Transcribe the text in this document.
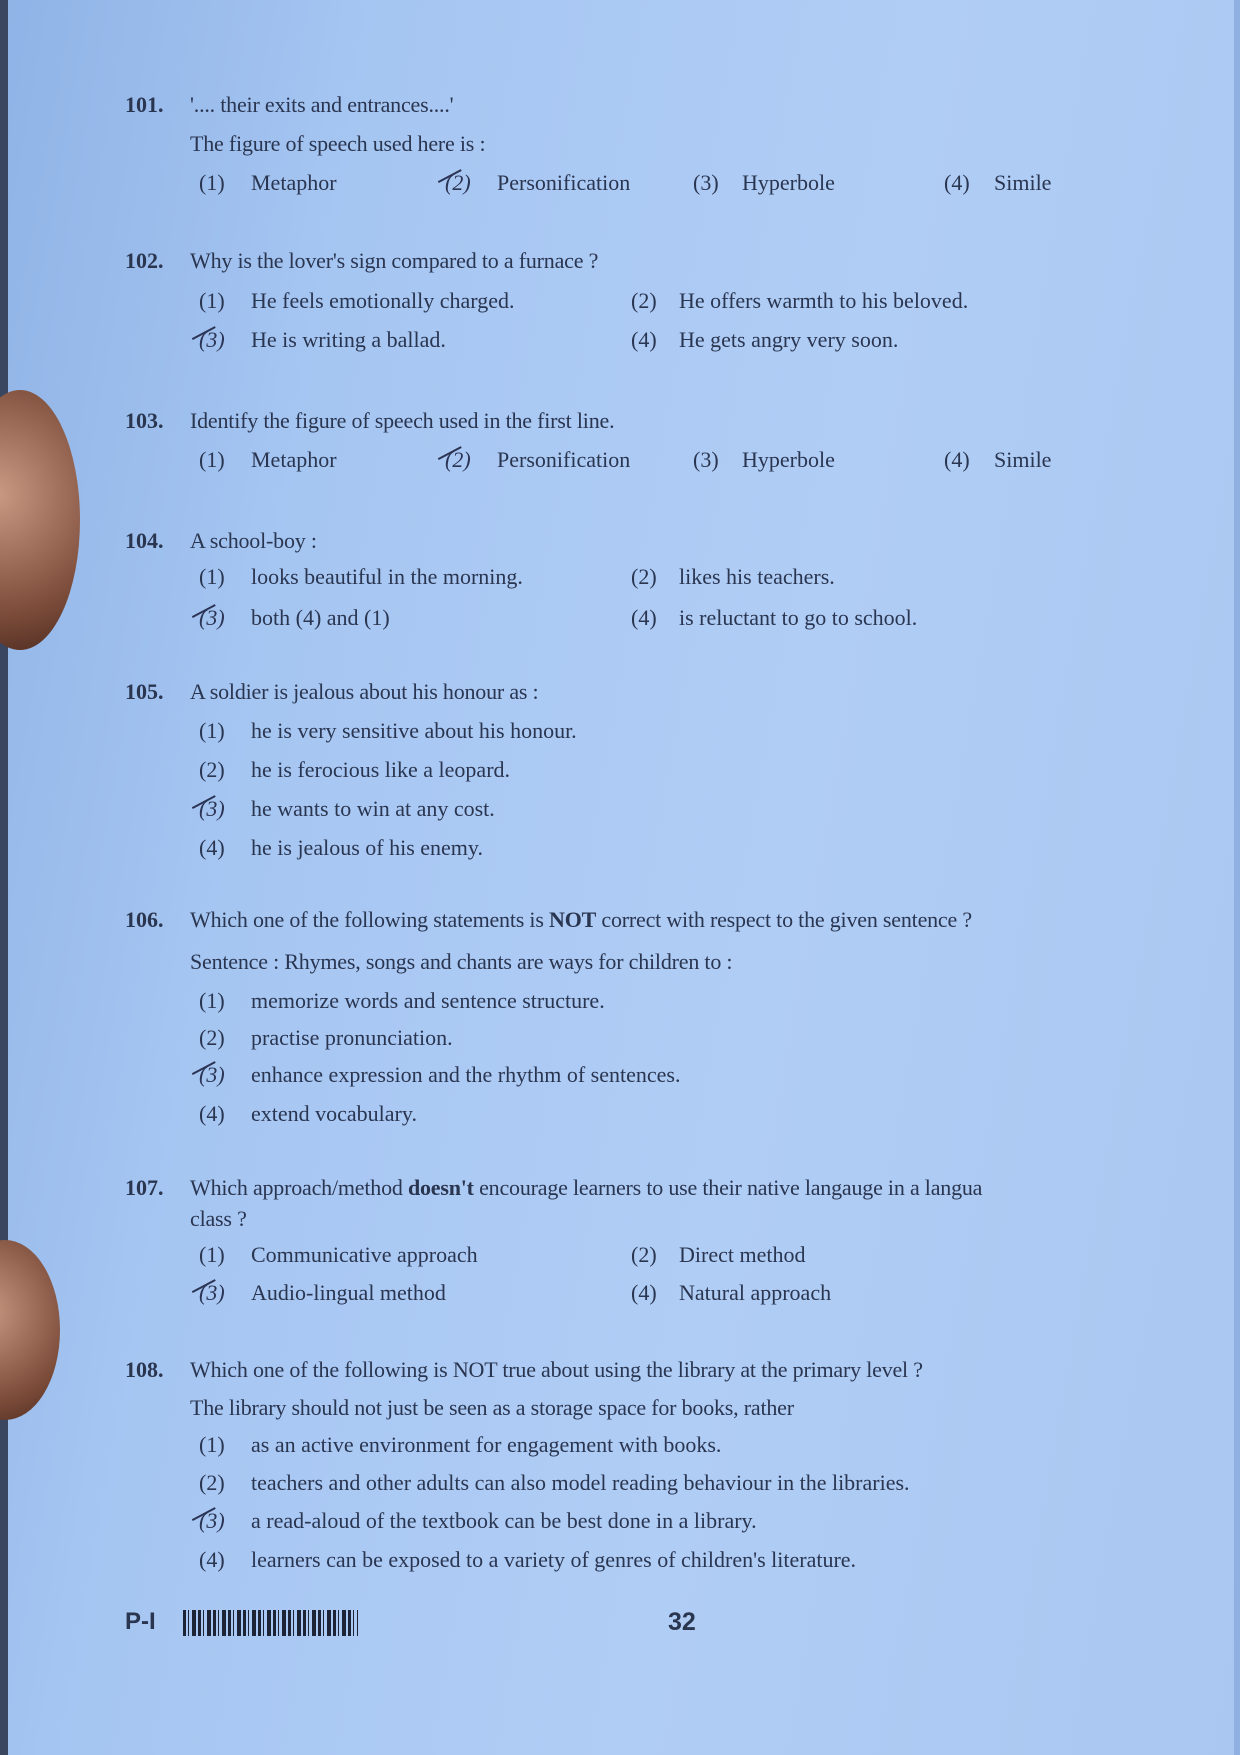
101. '.... their exits and entrances....'
The figure of speech used here is :
(1) Metaphor	(2) Personification	(3) Hyperbole	(4) Simile
102. Why is the lover's sign compared to a furnace ?
(1) He feels emotionally charged.	(2) He offers warmth to his beloved.
(3) He is writing a ballad.	(4) He gets angry very soon.
103. Identify the figure of speech used in the first line.
(1) Metaphor	(2) Personification	(3) Hyperbole	(4) Simile
104. A school-boy :
(1) looks beautiful in the morning.	(2) likes his teachers.
(3) both (4) and (1)	(4) is reluctant to go to school.
105. A soldier is jealous about his honour as :
(1) he is very sensitive about his honour.
(2) he is ferocious like a leopard.
(3) he wants to win at any cost.
(4) he is jealous of his enemy.
106. Which one of the following statements is NOT correct with respect to the given sentence ?
Sentence : Rhymes, songs and chants are ways for children to :
(1) memorize words and sentence structure.
(2) practise pronunciation.
(3) enhance expression and the rhythm of sentences.
(4) extend vocabulary.
107. Which approach/method doesn't encourage learners to use their native langauge in a langua
class ?
(1) Communicative approach	(2) Direct method
(3) Audio-lingual method	(4) Natural approach
108. Which one of the following is NOT true about using the library at the primary level ?
The library should not just be seen as a storage space for books, rather
(1) as an active environment for engagement with books.
(2) teachers and other adults can also model reading behaviour in the libraries.
(3) a read-aloud of the textbook can be best done in a library.
(4) learners can be exposed to a variety of genres of children's literature.
P-I	32
